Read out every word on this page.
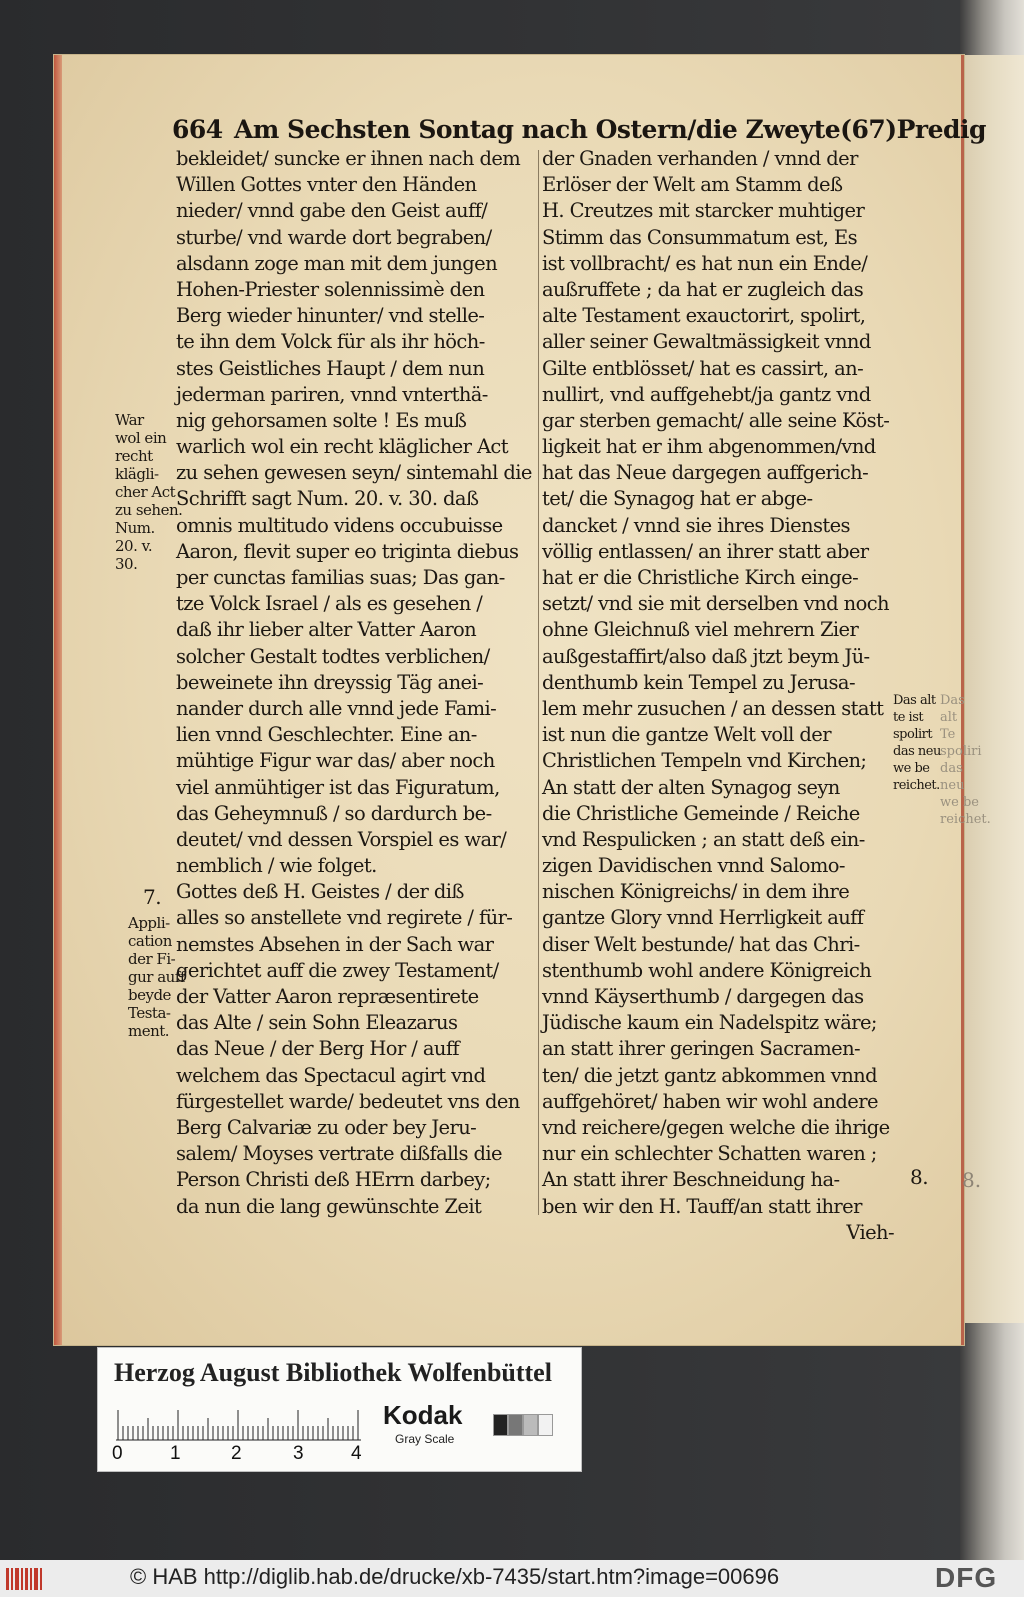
664 Am Sechsten Sontag nach Ostern/die Zweyte(67)Predig
bekleidet/ suncke er ihnen nach dem
Willen Gottes vnter den Händen
nieder/ vnnd gabe den Geist auff/
sturbe/ vnd warde dort begraben/
alsdann zoge man mit dem jungen
Hohen-Priester solennissimè den
Berg wieder hinunter/ vnd stelle-
te ihn dem Volck für als ihr höch-
stes Geistliches Haupt / dem nun
jederman pariren, vnnd vnterthä-
nig gehorsamen solte ! Es muß
warlich wol ein recht kläglicher Act
zu sehen gewesen seyn/ sintemahl die
Schrifft sagt Num. 20. v. 30. daß
omnis multitudo videns occubuisse
Aaron, flevit super eo triginta diebus
per cunctas familias suas; Das gan-
tze Volck Israel / als es gesehen /
daß ihr lieber alter Vatter Aaron
solcher Gestalt todtes verblichen/
beweinete ihn dreyssig Täg anei-
nander durch alle vnnd jede Fami-
lien vnnd Geschlechter. Eine an-
mühtige Figur war das/ aber noch
viel anmühtiger ist das Figuratum,
das Geheymnuß / so dardurch be-
deutet/ vnd dessen Vorspiel es war/
nemblich / wie folget.
Gottes deß H. Geistes / der diß
alles so anstellete vnd regirete / für-
nemstes Absehen in der Sach war
gerichtet auff die zwey Testament/
der Vatter Aaron repræsentirete
das Alte / sein Sohn Eleazarus
das Neue / der Berg Hor / auff
welchem das Spectacul agirt vnd
fürgestellet warde/ bedeutet vns den
Berg Calvariæ zu oder bey Jeru-
salem/ Moyses vertrate dißfalls die
Person Christi deß HErrn darbey;
da nun die lang gewünschte Zeit
der Gnaden verhanden / vnnd der
Erlöser der Welt am Stamm deß
H. Creutzes mit starcker muhtiger
Stimm das Consummatum est, Es
ist vollbracht/ es hat nun ein Ende/
außruffete ; da hat er zugleich das
alte Testament exauctorirt, spolirt,
aller seiner Gewaltmässigkeit vnnd
Gilte entblösset/ hat es cassirt, an-
nullirt, vnd auffgehebt/ja gantz vnd
gar sterben gemacht/ alle seine Köst-
ligkeit hat er ihm abgenommen/vnd
hat das Neue dargegen auffgerich-
tet/ die Synagog hat er abge-
dancket / vnnd sie ihres Dienstes
völlig entlassen/ an ihrer statt aber
hat er die Christliche Kirch einge-
setzt/ vnd sie mit derselben vnd noch
ohne Gleichnuß viel mehrern Zier
außgestaffirt/also daß jtzt beym Jü-
denthumb kein Tempel zu Jerusa-
lem mehr zusuchen / an dessen statt
ist nun die gantze Welt voll der
Christlichen Tempeln vnd Kirchen;
An statt der alten Synagog seyn
die Christliche Gemeinde / Reiche
vnd Respulicken ; an statt deß ein-
zigen Davidischen vnnd Salomo-
nischen Königreichs/ in dem ihre
gantze Glory vnnd Herrligkeit auff
diser Welt bestunde/ hat das Chri-
stenthumb wohl andere Königreich
vnnd Käyserthumb / dargegen das
Jüdische kaum ein Nadelspitz wäre;
an statt ihrer geringen Sacramen-
ten/ die jetzt gantz abkommen vnnd
auffgehöret/ haben wir wohl andere
vnd reichere/gegen welche die ihrige
nur ein schlechter Schatten waren ;
An statt ihrer Beschneidung ha-
ben wir den H. Tauff/an statt ihrer
Vieh-
War
wol ein
recht
klägli-
cher Act
zu sehen.
Num.
20. v.
30.
7.
Appli-
cation
der Fi-
gur auff
beyde
Testa-
ment.
Das alt
te ist
spolirt
das neu
we be
reichet.
8.	8.
Das alt
Te
spoliri
das neu
we be
reichet.
Herzog August Bibliothek Wolfenbüttel
0 1	2	3 4
Kodak
Gray Scale
© HAB http://diglib.hab.de/drucke/xb-7435/start.htm?image=00696	DFG
